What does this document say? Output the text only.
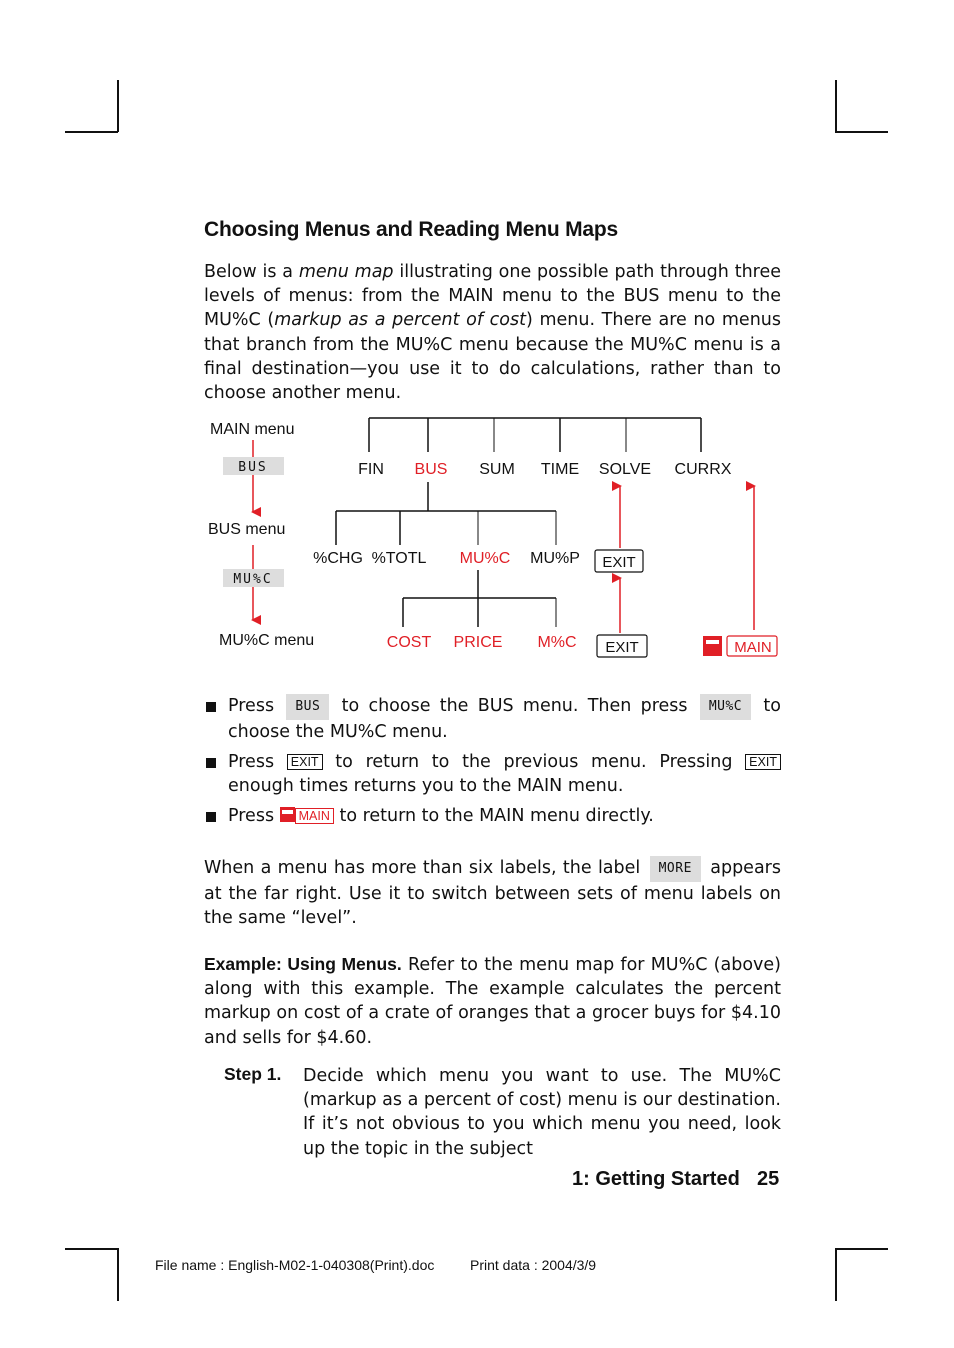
Choosing Menus and Reading Menu Maps

Below is a menu map illustrating one possible path through three levels of menus: from the MAIN menu to the BUS menu to the MU%C (markup as a percent of cost) menu. There are no menus that branch from the MU%C menu because the MU%C menu is a final destination—you use it to do calculations, rather than to choose another menu.

MAIN menu
BUS
BUS menu
MU%C
MU%C menu
FIN BUS SUM TIME SOLVE CURRX
%CHG %TOTL MU%C MU%P
COST PRICE M%C
EXIT
EXIT	MAIN
Press BUS to choose the BUS menu. Then press MU%C to choose the MU%C menu.
Press EXIT to return to the previous menu. Pressing EXIT enough times returns you to the MAIN menu.
Press MAIN to return to the MAIN menu directly.

When a menu has more than six labels, the label MORE appears at the far right. Use it to switch between sets of menu labels on the same “level”.

Example: Using Menus. Refer to the menu map for MU%C (above) along with this example. The example calculates the percent markup on cost of a crate of oranges that a grocer buys for $4.10 and sells for $4.60.

Step 1. Decide which menu you want to use. The MU%C (markup as a percent of cost) menu is our destination. If it’s not obvious to you which menu you need, look up the topic in the subject
1: Getting Started 25
File name : English-M02-1-040308(Print).doc	Print data : 2004/3/9
